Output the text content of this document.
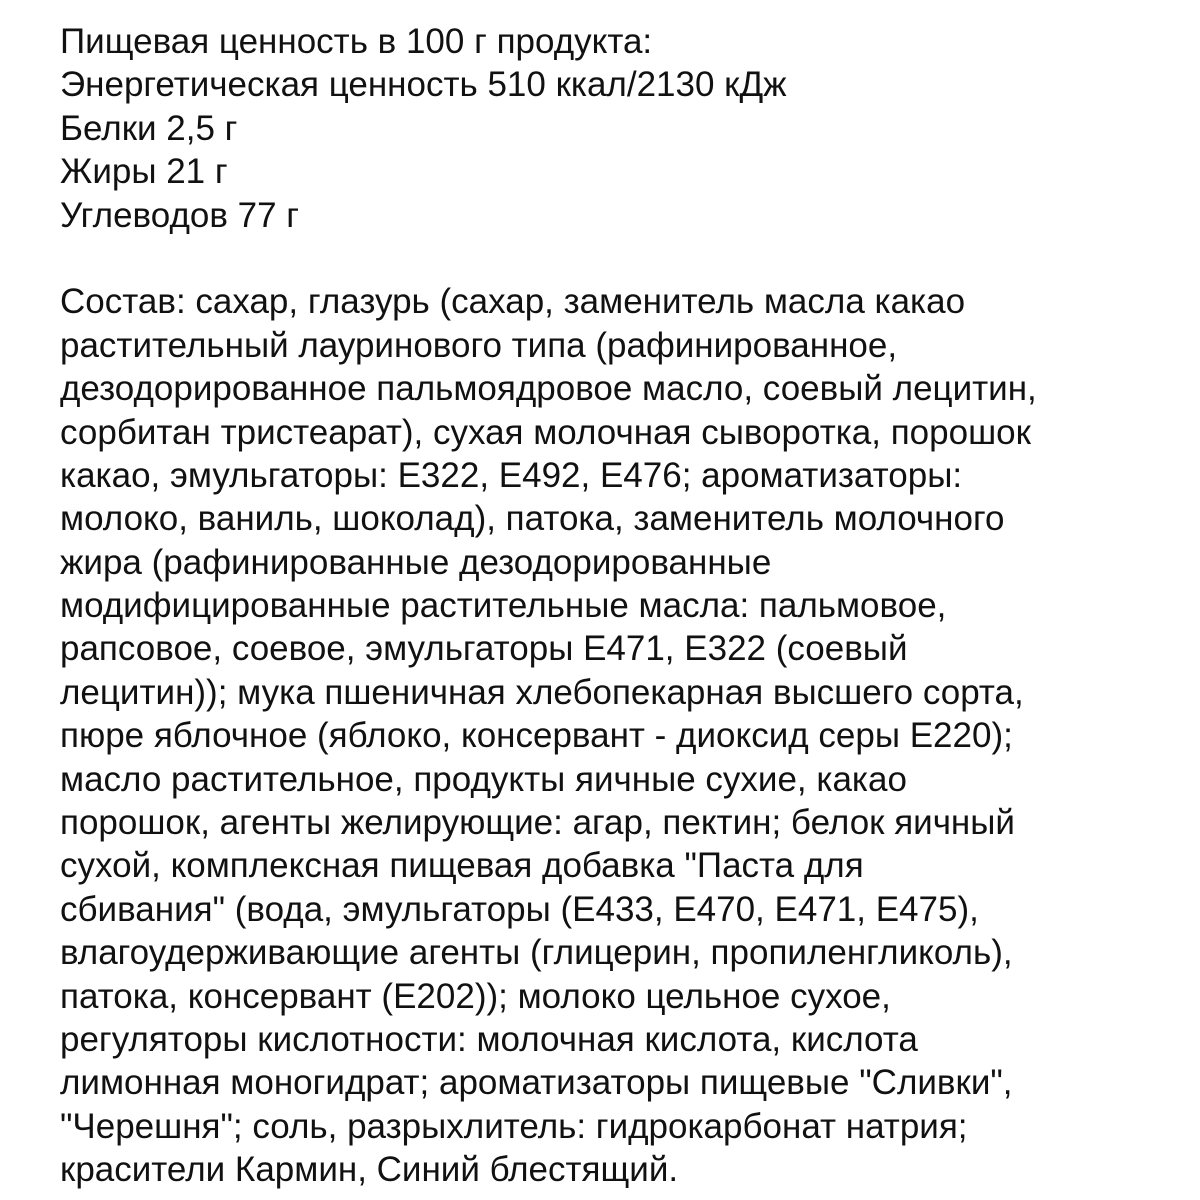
Пищевая ценность в 100 г продукта:
Энергетическая ценность 510 ккал/2130 кДж
Белки 2,5 г
Жиры 21 г
Углеводов 77 г
Состав: сахар, глазурь (сахар, заменитель масла какао
растительный лауринового типа (рафинированное,
дезодорированное пальмоядровое масло, соевый лецитин,
сорбитан тристеарат), сухая молочная сыворотка, порошок
какао, эмульгаторы: Е322, Е492, Е476; ароматизаторы:
молоко, ваниль, шоколад), патока, заменитель молочного
жира (рафинированные дезодорированные
модифицированные растительные масла: пальмовое,
рапсовое, соевое, эмульгаторы Е471, Е322 (соевый
лецитин)); мука пшеничная хлебопекарная высшего сорта,
пюре яблочное (яблоко, консервант - диоксид серы Е220);
масло растительное, продукты яичные сухие, какао
порошок, агенты желирующие: агар, пектин; белок яичный
сухой, комплексная пищевая добавка "Паста для
сбивания" (вода, эмульгаторы (Е433, Е470, Е471, Е475),
влагоудерживающие агенты (глицерин, пропиленгликоль),
патока, консервант (Е202)); молоко цельное сухое,
регуляторы кислотности: молочная кислота, кислота
лимонная моногидрат; ароматизаторы пищевые "Сливки",
"Черешня"; соль, разрыхлитель: гидрокарбонат натрия;
красители Кармин, Синий блестящий.
